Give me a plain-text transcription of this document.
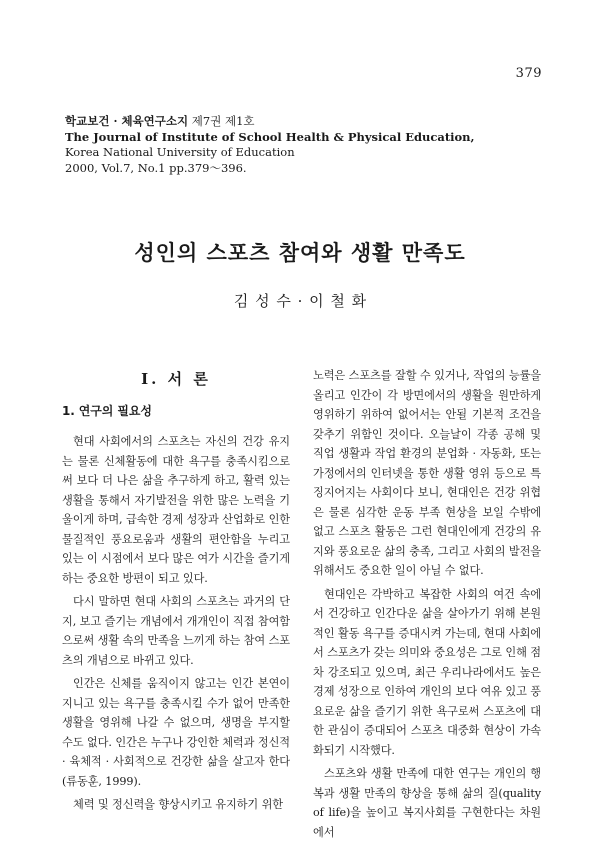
379
학교보건 · 체육연구소지 제7권 제1호
The Journal of Institute of School Health & Physical Education,
Korea National University of Education
2000, Vol.7, No.1 pp.379～396.
성인의 스포츠 참여와 생활 만족도
김 성 수 · 이 철 화
Ⅰ. 서 론
1. 연구의 필요성

현대 사회에서의 스포츠는 자신의 건강 유지는 물론 신체활동에 대한 욕구를 충족시킴으로써 보다 더 나은 삶을 추구하게 하고, 활력 있는 생활을 통해서 자기발전을 위한 많은 노력을 기울이게 하며, 급속한 경제 성장과 산업화로 인한 물질적인 풍요로움과 생활의 편안함을 누리고 있는 이 시점에서 보다 많은 여가 시간을 즐기게 하는 중요한 방편이 되고 있다.

다시 말하면 현대 사회의 스포츠는 과거의 단지, 보고 즐기는 개념에서 개개인이 직접 참여함으로써 생활 속의 만족을 느끼게 하는 참여 스포츠의 개념으로 바뀌고 있다.

인간은 신체를 움직이지 않고는 인간 본연이 지니고 있는 욕구를 충족시킬 수가 없어 만족한 생활을 영위해 나갈 수 없으며, 생명을 부지할 수도 없다. 인간은 누구나 강인한 체력과 정신적 · 육체적 · 사회적으로 건강한 삶을 살고자 한다(류동훈, 1999).

체력 및 정신력을 향상시키고 유지하기 위한

노력은 스포츠를 잘할 수 있거나, 작업의 능률을 올리고 인간이 각 방면에서의 생활을 원만하게 영위하기 위하여 없어서는 안될 기본적 조건을 갖추기 위함인 것이다. 오늘날이 각종 공해 및 직업 생활과 작업 환경의 분업화 · 자동화, 또는 가정에서의 인터넷을 통한 생활 영위 등으로 특징지어지는 사회이다 보니, 현대인은 건강 위협은 물론 심각한 운동 부족 현상을 보일 수밖에 없고 스포츠 활동은 그런 현대인에게 건강의 유지와 풍요로운 삶의 충족, 그리고 사회의 발전을 위해서도 중요한 일이 아닐 수 없다.

현대인은 각박하고 복잡한 사회의 여건 속에서 건강하고 인간다운 삶을 살아가기 위해 본원적인 활동 욕구를 증대시켜 가는데, 현대 사회에서 스포츠가 갖는 의미와 중요성은 그로 인해 점차 강조되고 있으며, 최근 우리나라에서도 높은 경제 성장으로 인하여 개인의 보다 여유 있고 풍요로운 삶을 즐기기 위한 욕구로써 스포츠에 대한 관심이 증대되어 스포츠 대중화 현상이 가속화되기 시작했다.

스포츠와 생활 만족에 대한 연구는 개인의 행복과 생활 만족의 향상을 통해 삶의 질(quality of life)을 높이고 복지사회를 구현한다는 차원에서
